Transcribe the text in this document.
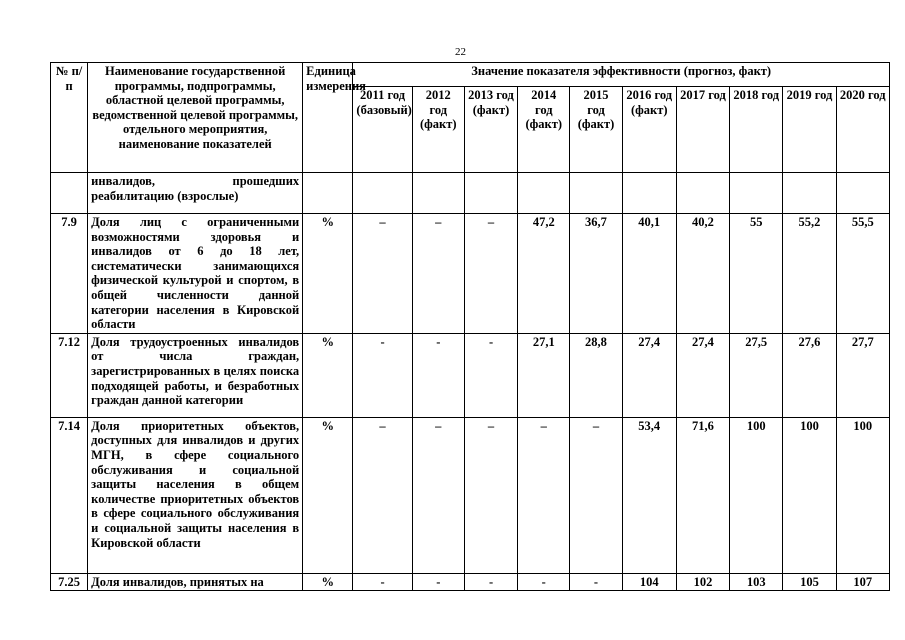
22
№ п/п	Наименование государственной программы, подпрограммы, областной целевой программы, ведомственной целевой программы, отдельного мероприятия, наименование показателей	Единица измерения	Значение показателя эффективности (прогноз, факт)									
			2011 год (базовый)	2012 год (факт)	2013 год (факт)	2014 год (факт)	2015 год (факт)	2016 год (факт)	2017 год	2018 год	2019 год	2020 год
	инвалидов, прошедших реабилитацию (взрослые)											
7.9	Доля лиц с ограниченными возможностями здоровья и инвалидов от 6 до 18 лет, систематически занимающихся физической культурой и спортом, в общей численности данной категории населения в Кировской области	%	–	–	–	47,2	36,7	40,1	40,2	55	55,2	55,5
7.12	Доля трудоустроенных инвалидов от числа граждан, зарегистрированных в целях поиска подходящей работы, и безработных граждан данной категории	%	-	-	-	27,1	28,8	27,4	27,4	27,5	27,6	27,7
7.14	Доля приоритетных объектов, доступных для инвалидов и других МГН, в сфере социального обслуживания и социальной защиты населения в общем количестве приоритетных объектов в сфере социального обслуживания и социальной защиты населения в Кировской области	%	–	–	–	–	–	53,4	71,6	100	100	100
7.25	Доля инвалидов, принятых на	%	-	-	-	-	-	104	102	103	105	107
